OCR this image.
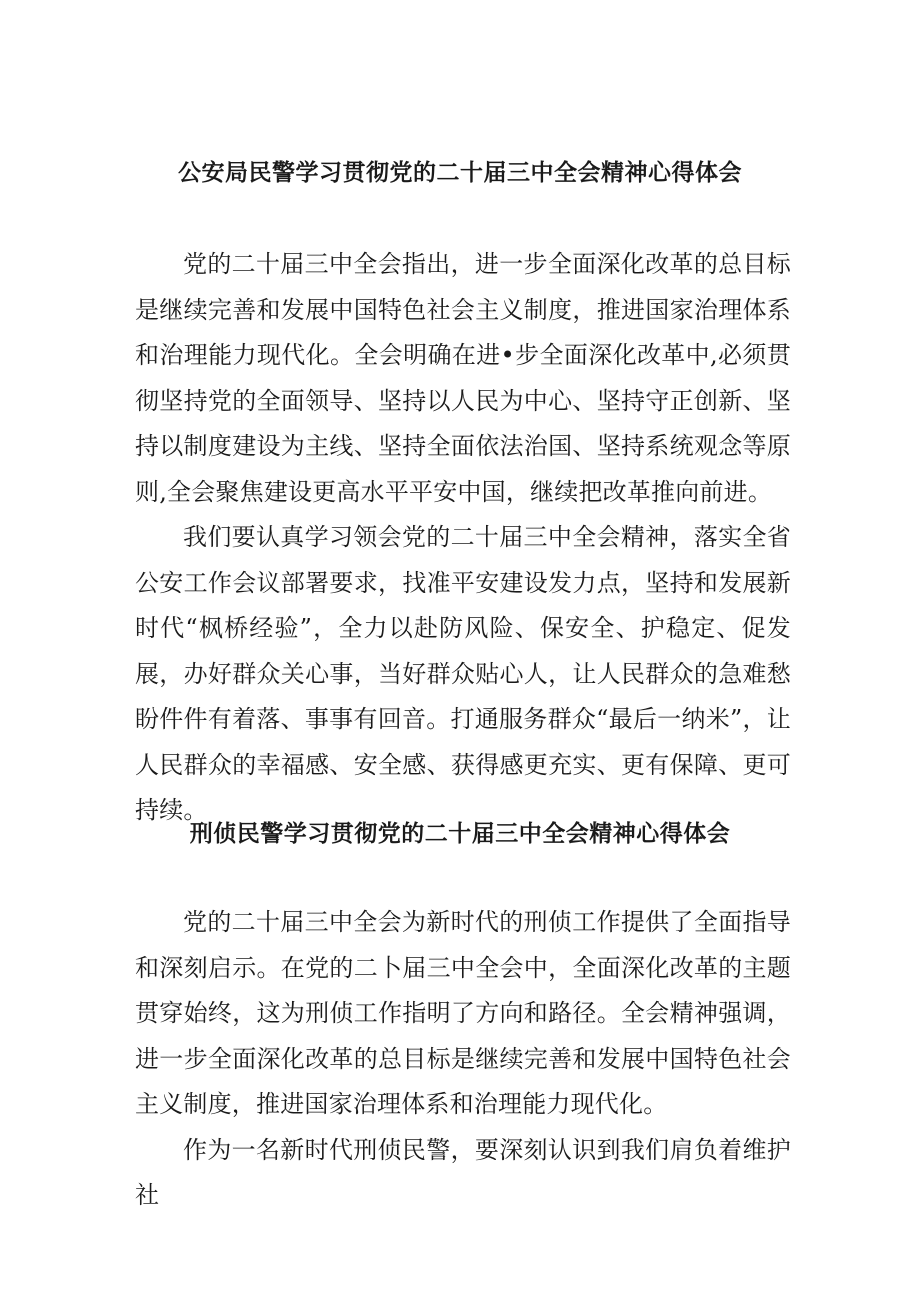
公安局民警学习贯彻党的二十届三中全会精神心得体会

党的二十届三中全会指出，进一步全面深化改革的总目标是继续完善和发展中国特色社会主义制度，推进国家治理体系和治理能力现代化。全会明确在进•步全面深化改革中,必须贯彻坚持党的全面领导、坚持以人民为中心、坚持守正创新、坚持以制度建设为主线、坚持全面依法治国、坚持系统观念等原则,全会聚焦建设更高水平平安中国，继续把改革推向前进。

我们要认真学习领会党的二十届三中全会精神，落实全省公安工作会议部署要求，找准平安建设发力点，坚持和发展新时代“枫桥经验”，全力以赴防风险、保安全、护稳定、促发展，办好群众关心事，当好群众贴心人，让人民群众的急难愁盼件件有着落、事事有回音。打通服务群众“最后一纳米”，让人民群众的幸福感、安全感、获得感更充实、更有保障、更可持续。

刑侦民警学习贯彻党的二十届三中全会精神心得体会

党的二十届三中全会为新时代的刑侦工作提供了全面指导和深刻启示。在党的二卜届三中全会中，全面深化改革的主题贯穿始终，这为刑侦工作指明了方向和路径。全会精神强调，进一步全面深化改革的总目标是继续完善和发展中国特色社会主义制度，推进国家治理体系和治理能力现代化。

作为一名新时代刑侦民警，要深刻认识到我们肩负着维护社
